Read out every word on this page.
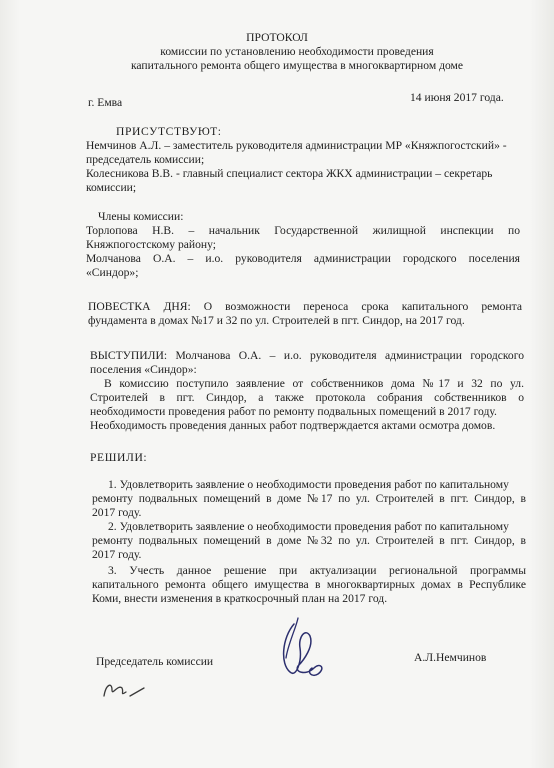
ПРОТОКОЛ
комиссии по установлению необходимости проведения
капитального ремонта общего имущества в многоквартирном доме
г. Емва	14 июня 2017 года.
ПРИСУТСТВУЮТ:
Немчинов А.Л. – заместитель руководителя администрации МР «Княжпогостский» -
председатель комиссии;
Колесникова В.В. - главный специалист сектора ЖКХ администрации – секретарь
комиссии;
Члены комиссии:
Торлопова Н.В. – начальник Государственной жилищной инспекции по
Княжпогостскому району;
Молчанова О.А. – и.о. руководителя администрации городского поселения
«Синдор»;
ПОВЕСТКА ДНЯ: О возможности переноса срока капитального ремонта
фундамента в домах №17 и 32 по ул. Строителей в пгт. Синдор, на 2017 год.
ВЫСТУПИЛИ: Молчанова О.А. – и.о. руководителя администрации городского
поселения «Синдор»:
В комиссию поступило заявление от собственников дома №17 и 32 по ул.
Строителей в пгт. Синдор, а также протокола собрания собственников о
необходимости проведения работ по ремонту подвальных помещений в 2017 году.
Необходимость проведения данных работ подтверждается актами осмотра домов.
РЕШИЛИ:
1. Удовлетворить заявление о необходимости проведения работ по капитальному
ремонту подвальных помещений в доме №17 по ул. Строителей в пгт. Синдор, в
2017 году.
2. Удовлетворить заявление о необходимости проведения работ по капитальному
ремонту подвальных помещений в доме №32 по ул. Строителей в пгт. Синдор, в
2017 году.
3. Учесть данное решение при актуализации региональной программы
капитального ремонта общего имущества в многоквартирных домах в Республике
Коми, внести изменения в краткосрочный план на 2017 год.
Председатель комиссии	А.Л.Немчинов
